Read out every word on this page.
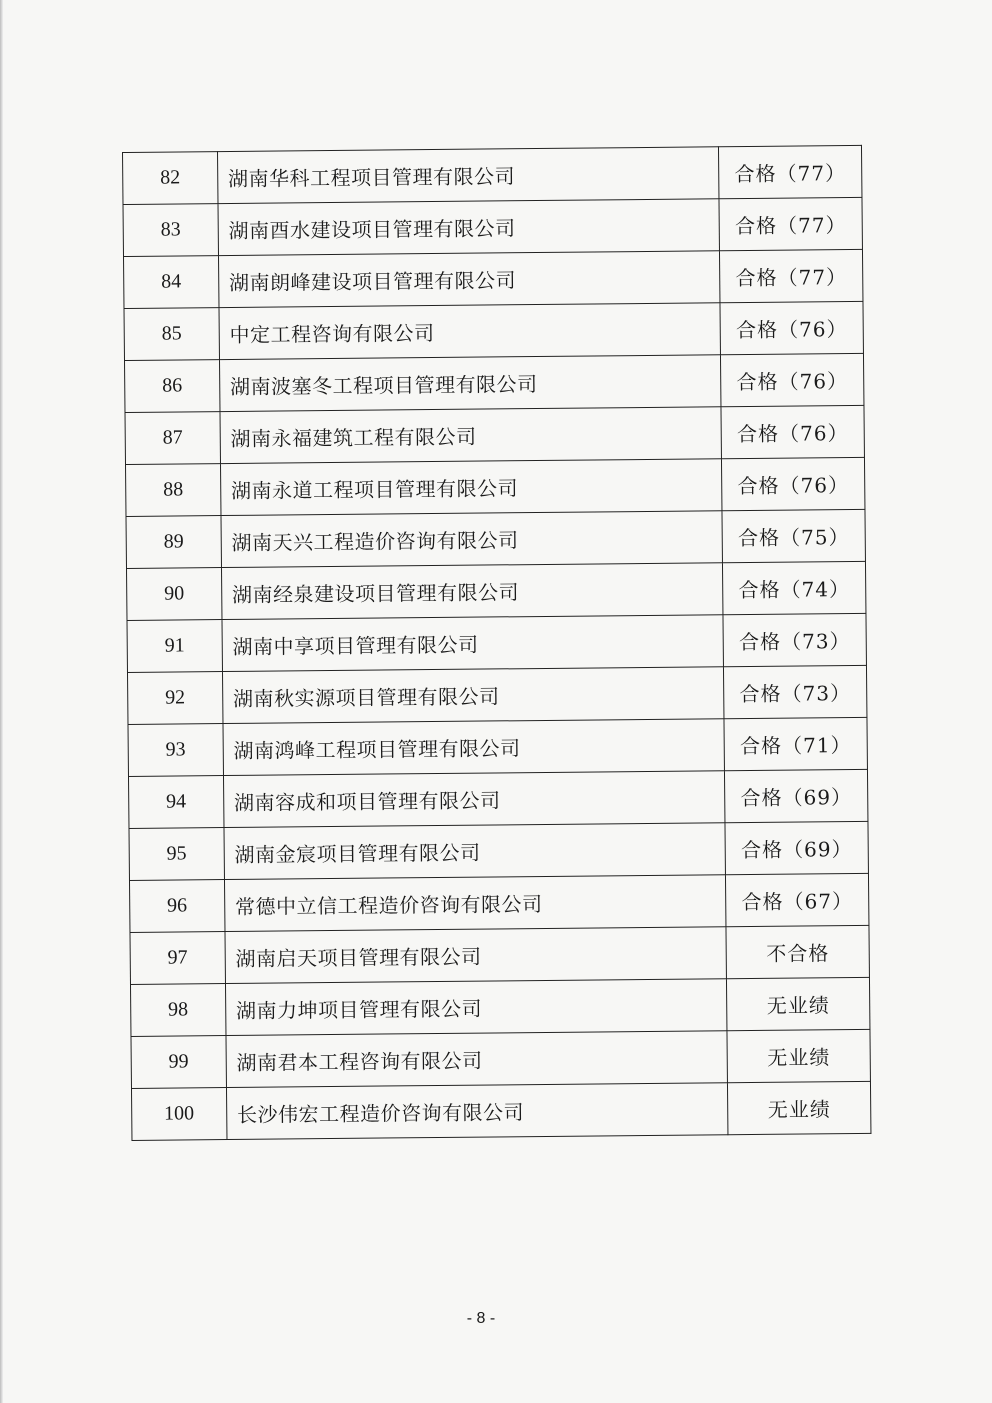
82	湖南华科工程项目管理有限公司	合格（77）
83	湖南酉水建设项目管理有限公司	合格（77）
84	湖南朗峰建设项目管理有限公司	合格（77）
85	中定工程咨询有限公司	合格（76）
86	湖南波塞冬工程项目管理有限公司	合格（76）
87	湖南永福建筑工程有限公司	合格（76）
88	湖南永道工程项目管理有限公司	合格（76）
89	湖南天兴工程造价咨询有限公司	合格（75）
90	湖南经泉建设项目管理有限公司	合格（74）
91	湖南中享项目管理有限公司	合格（73）
92	湖南秋实源项目管理有限公司	合格（73）
93	湖南鸿峰工程项目管理有限公司	合格（71）
94	湖南容成和项目管理有限公司	合格（69）
95	湖南金宸项目管理有限公司	合格（69）
96	常德中立信工程造价咨询有限公司	合格（67）
97	湖南启天项目管理有限公司	不合格
98	湖南力坤项目管理有限公司	无业绩
99	湖南君本工程咨询有限公司	无业绩
100	长沙伟宏工程造价咨询有限公司	无业绩
- 8 -
